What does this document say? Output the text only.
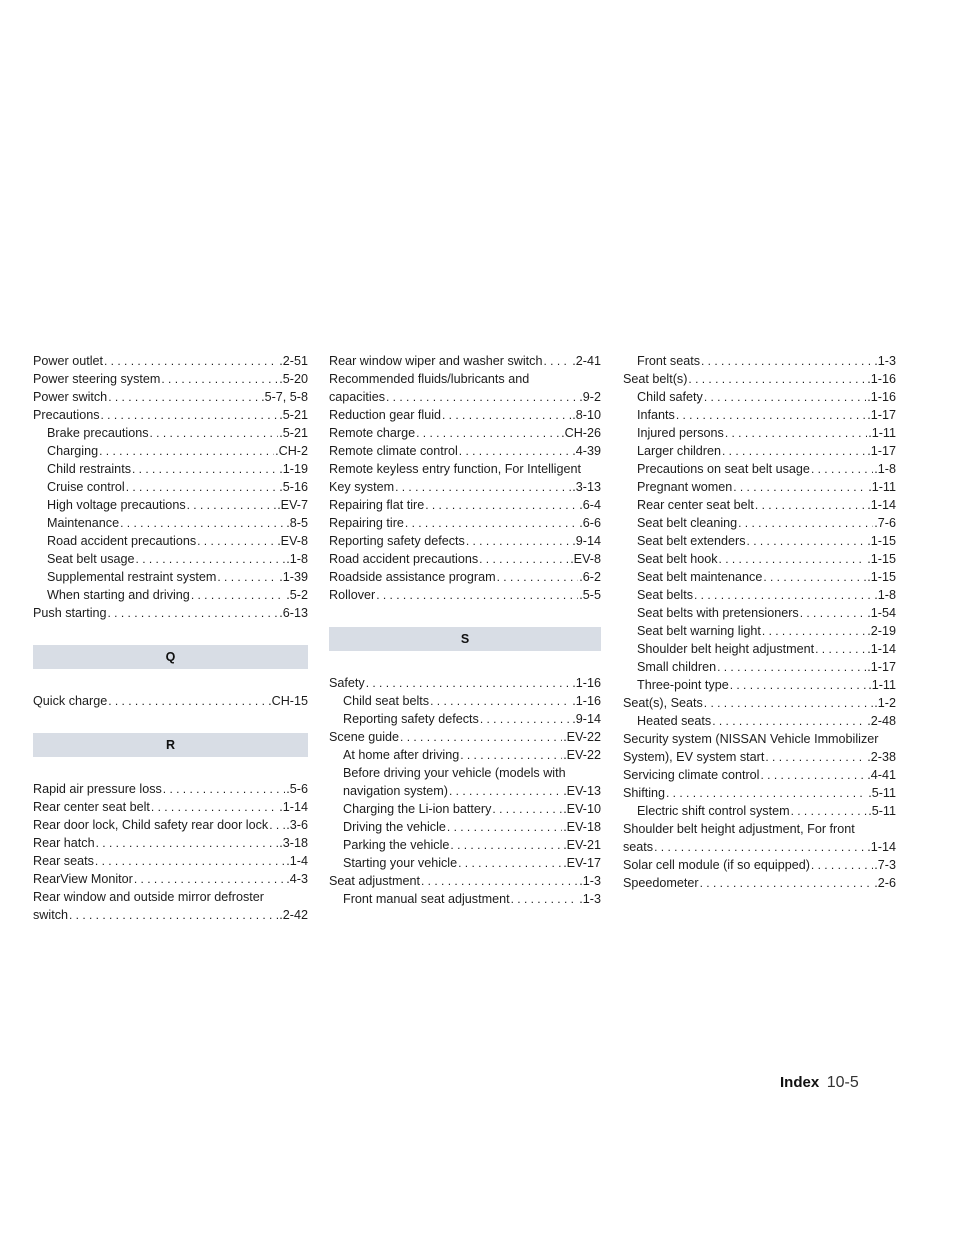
Power outlet . . .	.2-51
Power steering system . . .	.5-20
Power switch . . .	.5-7, 5-8
Precautions . . .	.5-21
Brake precautions . . .	.5-21
Charging . . .	.CH-2
Child restraints . . .	.1-19
Cruise control . . .	.5-16
High voltage precautions . . .	.EV-7
Maintenance . . .	.8-5
Road accident precautions . . .	.EV-8
Seat belt usage . . .	.1-8
Supplemental restraint system . . .	.1-39
When starting and driving . . .	.5-2
Push starting . . .	.6-13
Q
Quick charge . . .	.CH-15
R
Rapid air pressure loss . . .	.5-6
Rear center seat belt . . .	.1-14
Rear door lock, Child safety rear door lock . . . .3-6
Rear hatch . . .	.3-18
Rear seats . . .	.1-4
RearView Monitor . . .	.4-3
Rear window and outside mirror defroster
switch . . .	.2-42
Rear window wiper and washer switch . . . .2-41
Recommended fluids/lubricants and
capacities . . .	.9-2
Reduction gear fluid . . .	.8-10
Remote charge . . .	.CH-26
Remote climate control . . .	.4-39
Remote keyless entry function, For Intelligent
Key system . . .	.3-13
Repairing flat tire . . .	.6-4
Repairing tire . . .	.6-6
Reporting safety defects . . .	.9-14
Road accident precautions . . .	.EV-8
Roadside assistance program . . .	.6-2
Rollover . . .	.5-5
S
Safety . . .	.1-16
Child seat belts . . .	.1-16
Reporting safety defects . . .	.9-14
Scene guide . . .	.EV-22
At home after driving . . .	.EV-22
Before driving your vehicle (models with
navigation system) . . .	.EV-13
Charging the Li-ion battery . . .	.EV-10
Driving the vehicle . . .	.EV-18
Parking the vehicle . . .	.EV-21
Starting your vehicle . . .	.EV-17
Seat adjustment . . .	.1-3
Front manual seat adjustment . . .	.1-3
Front seats . . .	.1-3
Seat belt(s) . . .	.1-16
Child safety . . .	.1-16
Infants . . .	.1-17
Injured persons . . .	.1-11
Larger children . . .	.1-17
Precautions on seat belt usage . . .	.1-8
Pregnant women . . .	.1-11
Rear center seat belt . . .	.1-14
Seat belt cleaning . . .	.7-6
Seat belt extenders . . .	.1-15
Seat belt hook . . .	.1-15
Seat belt maintenance . . .	.1-15
Seat belts . . .	.1-8
Seat belts with pretensioners . . .	.1-54
Seat belt warning light . . .	.2-19
Shoulder belt height adjustment . . .	.1-14
Small children . . .	.1-17
Three-point type . . .	.1-11
Seat(s), Seats . . .	.1-2
Heated seats . . .	.2-48
Security system (NISSAN Vehicle Immobilizer
System), EV system start . . .	.2-38
Servicing climate control . . .	.4-41
Shifting . . .	.5-11
Electric shift control system . . .	.5-11
Shoulder belt height adjustment, For front
seats . . .	.1-14
Solar cell module (if so equipped) . . .	.7-3
Speedometer . . .	.2-6
Index 10-5
